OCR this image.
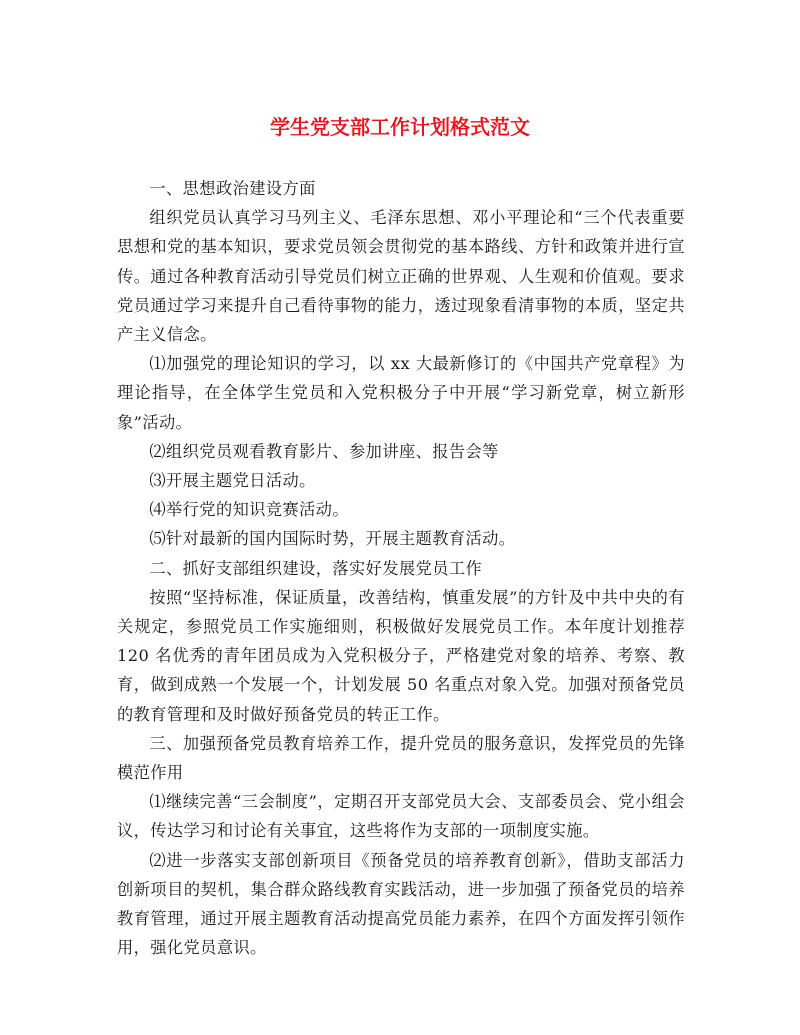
学生党支部工作计划格式范文

一、思想政治建设方面

组织党员认真学习马列主义、毛泽东思想、邓小平理论和“三个代表重要思想和党的基本知识，要求党员领会贯彻党的基本路线、方针和政策并进行宣传。通过各种教育活动引导党员们树立正确的世界观、人生观和价值观。要求党员通过学习来提升自己看待事物的能力，透过现象看清事物的本质，坚定共产主义信念。

⑴加强党的理论知识的学习，以 xx 大最新修订的《中国共产党章程》为理论指导，在全体学生党员和入党积极分子中开展“学习新党章，树立新形象”活动。

⑵组织党员观看教育影片、参加讲座、报告会等

⑶开展主题党日活动。

⑷举行党的知识竞赛活动。

⑸针对最新的国内国际时势，开展主题教育活动。

二、抓好支部组织建设，落实好发展党员工作

按照“坚持标准，保证质量，改善结构，慎重发展”的方针及中共中央的有关规定，参照党员工作实施细则，积极做好发展党员工作。本年度计划推荐 120 名优秀的青年团员成为入党积极分子，严格建党对象的培养、考察、教育，做到成熟一个发展一个，计划发展 50 名重点对象入党。加强对预备党员的教育管理和及时做好预备党员的转正工作。

三、加强预备党员教育培养工作，提升党员的服务意识，发挥党员的先锋模范作用

⑴继续完善“三会制度”，定期召开支部党员大会、支部委员会、党小组会议，传达学习和讨论有关事宜，这些将作为支部的一项制度实施。

⑵进一步落实支部创新项目《预备党员的培养教育创新》，借助支部活力创新项目的契机，集合群众路线教育实践活动，进一步加强了预备党员的培养教育管理，通过开展主题教育活动提高党员能力素养，在四个方面发挥引领作用，强化党员意识。
